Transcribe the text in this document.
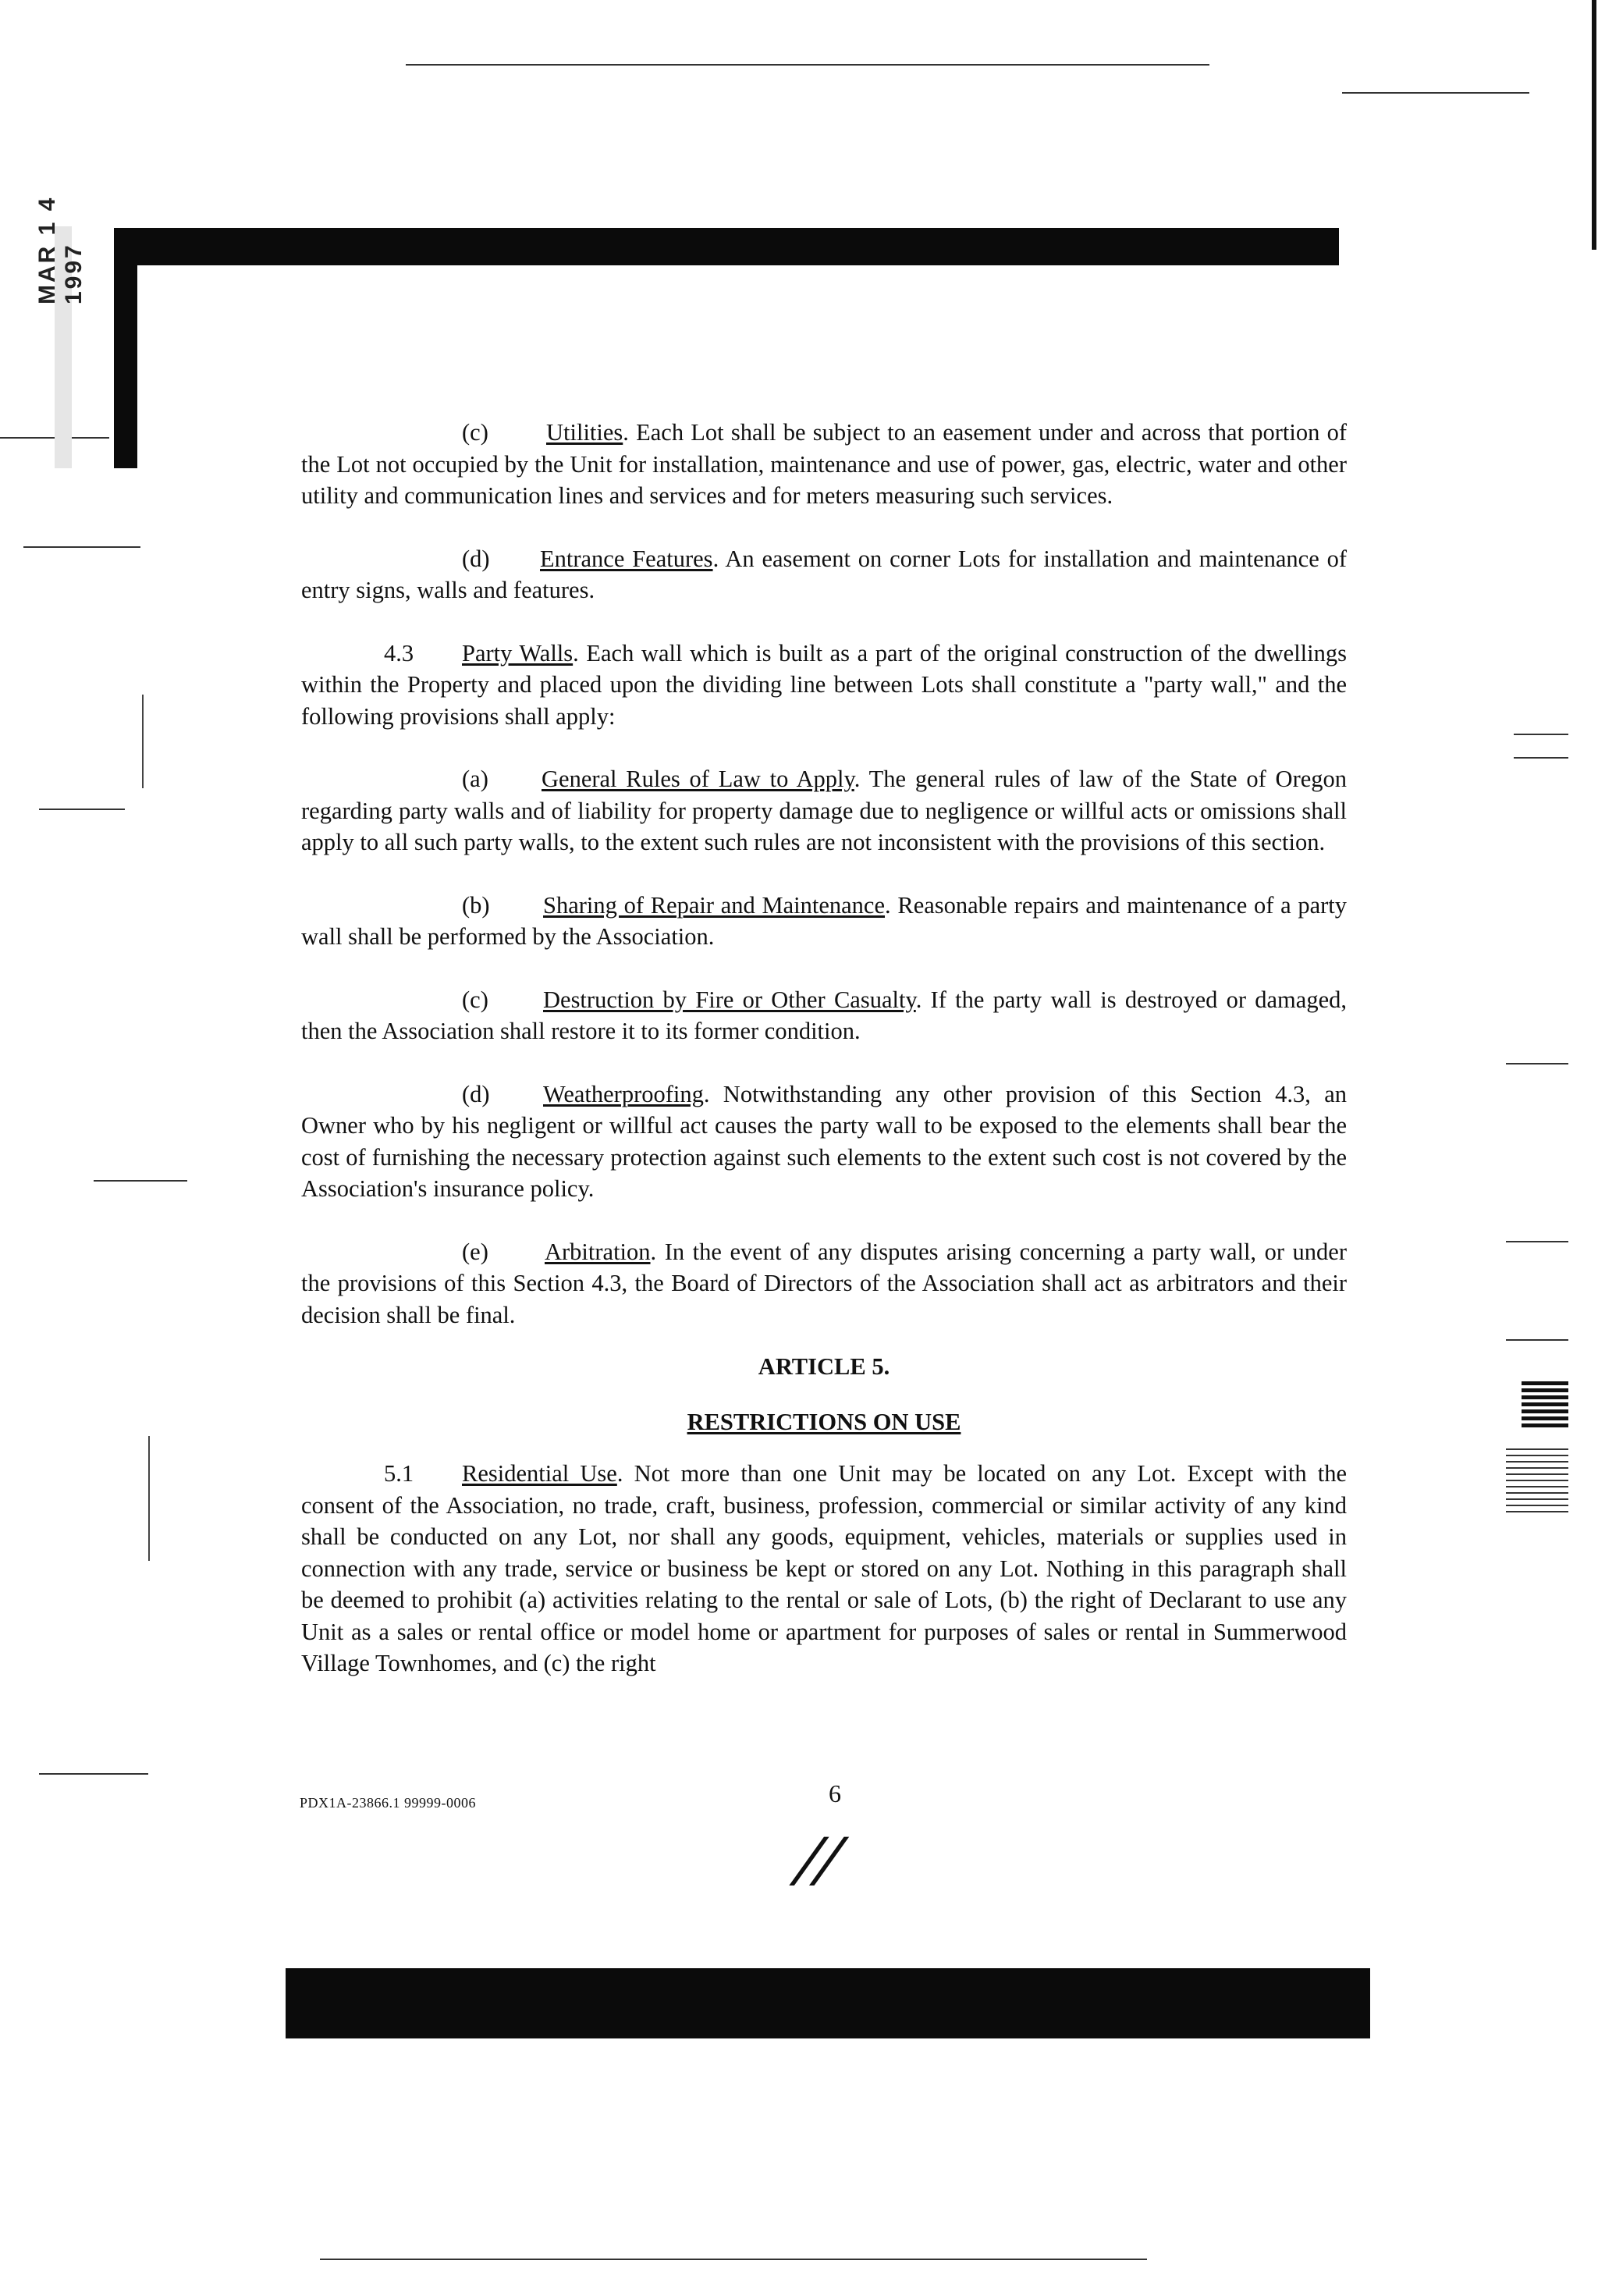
MAR 1 4 1997

(c) Utilities. Each Lot shall be subject to an easement under and across that portion of the Lot not occupied by the Unit for installation, maintenance and use of power, gas, electric, water and other utility and communication lines and services and for meters measuring such services.

(d) Entrance Features. An easement on corner Lots for installation and maintenance of entry signs, walls and features.

4.3 Party Walls. Each wall which is built as a part of the original construction of the dwellings within the Property and placed upon the dividing line between Lots shall constitute a "party wall," and the following provisions shall apply:

(a) General Rules of Law to Apply. The general rules of law of the State of Oregon regarding party walls and of liability for property damage due to negligence or willful acts or omissions shall apply to all such party walls, to the extent such rules are not inconsistent with the provisions of this section.

(b) Sharing of Repair and Maintenance. Reasonable repairs and maintenance of a party wall shall be performed by the Association.

(c) Destruction by Fire or Other Casualty. If the party wall is destroyed or damaged, then the Association shall restore it to its former condition.

(d) Weatherproofing. Notwithstanding any other provision of this Section 4.3, an Owner who by his negligent or willful act causes the party wall to be exposed to the elements shall bear the cost of furnishing the necessary protection against such elements to the extent such cost is not covered by the Association's insurance policy.

(e) Arbitration. In the event of any disputes arising concerning a party wall, or under the provisions of this Section 4.3, the Board of Directors of the Association shall act as arbitrators and their decision shall be final.

ARTICLE 5.

RESTRICTIONS ON USE

5.1 Residential Use. Not more than one Unit may be located on any Lot. Except with the consent of the Association, no trade, craft, business, profession, commercial or similar activity of any kind shall be conducted on any Lot, nor shall any goods, equipment, vehicles, materials or supplies used in connection with any trade, service or business be kept or stored on any Lot. Nothing in this paragraph shall be deemed to prohibit (a) activities relating to the rental or sale of Lots, (b) the right of Declarant to use any Unit as a sales or rental office or model home or apartment for purposes of sales or rental in Summerwood Village Townhomes, and (c) the right

PDX1A-23866.1 99999-0006	6
//
